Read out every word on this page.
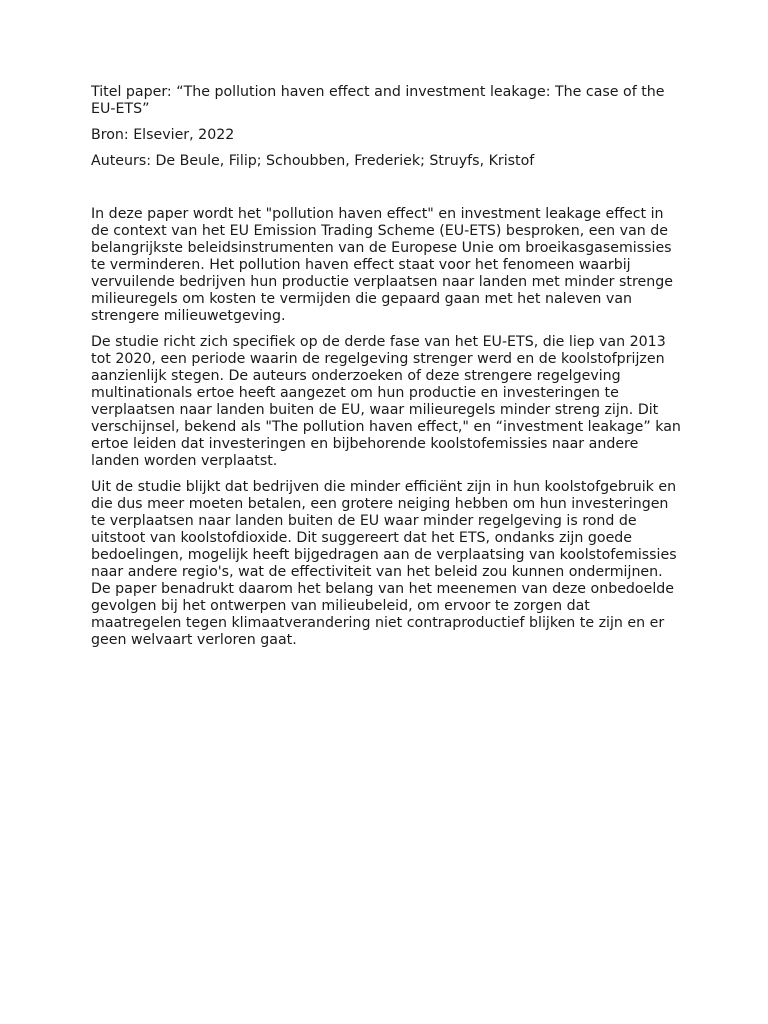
Titel paper: “The pollution haven effect and investment leakage: The case of the EU-ETS”

Bron: Elsevier, 2022

Auteurs: De Beule, Filip; Schoubben, Frederiek; Struyfs, Kristof

In deze paper wordt het "pollution haven effect" en investment leakage effect in de context van het EU Emission Trading Scheme (EU-ETS) besproken, een van de belangrijkste beleidsinstrumenten van de Europese Unie om broeikasgasemissies te verminderen. Het pollution haven effect staat voor het fenomeen waarbij vervuilende bedrijven hun productie verplaatsen naar landen met minder strenge milieuregels om kosten te vermijden die gepaard gaan met het naleven van strengere milieuwetgeving.

De studie richt zich specifiek op de derde fase van het EU-ETS, die liep van 2013 tot 2020, een periode waarin de regelgeving strenger werd en de koolstofprijzen aanzienlijk stegen. De auteurs onderzoeken of deze strengere regelgeving multinationals ertoe heeft aangezet om hun productie en investeringen te verplaatsen naar landen buiten de EU, waar milieuregels minder streng zijn. Dit verschijnsel, bekend als "The pollution haven effect," en “investment leakage” kan ertoe leiden dat investeringen en bijbehorende koolstofemissies naar andere landen worden verplaatst.

Uit de studie blijkt dat bedrijven die minder efficiënt zijn in hun koolstofgebruik en die dus meer moeten betalen, een grotere neiging hebben om hun investeringen te verplaatsen naar landen buiten de EU waar minder regelgeving is rond de uitstoot van koolstofdioxide. Dit suggereert dat het ETS, ondanks zijn goede bedoelingen, mogelijk heeft bijgedragen aan de verplaatsing van koolstofemissies naar andere regio's, wat de effectiviteit van het beleid zou kunnen ondermijnen. De paper benadrukt daarom het belang van het meenemen van deze onbedoelde gevolgen bij het ontwerpen van milieubeleid, om ervoor te zorgen dat maatregelen tegen klimaatverandering niet contraproductief blijken te zijn en er geen welvaart verloren gaat.
